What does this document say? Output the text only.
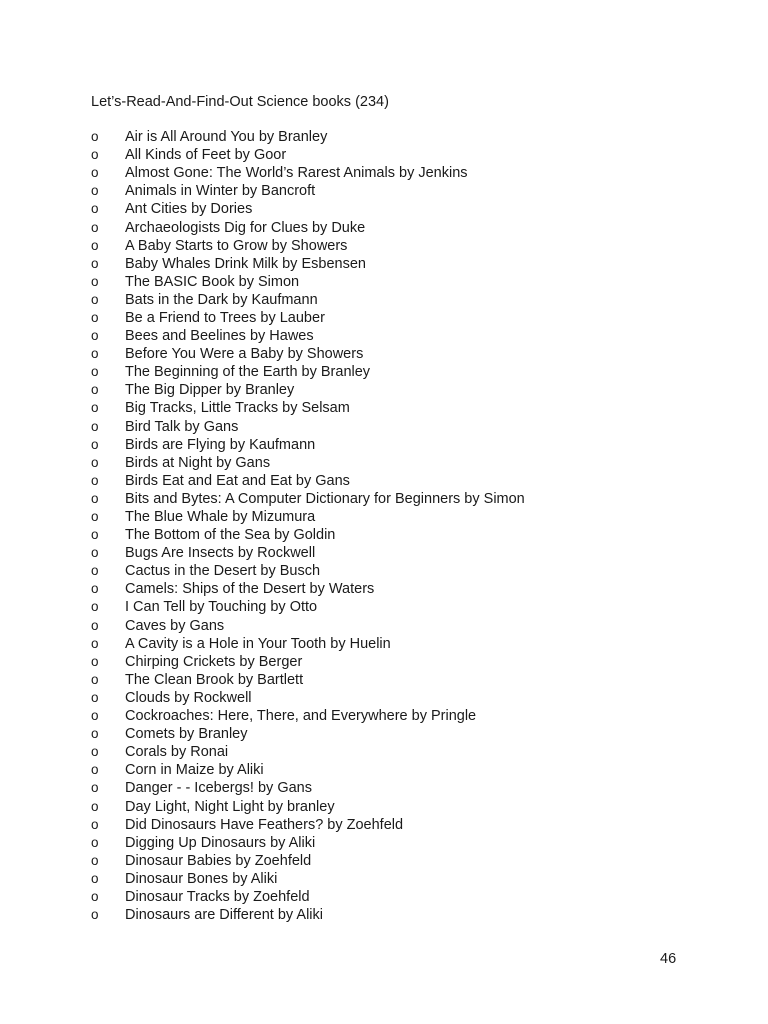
Let’s-Read-And-Find-Out Science books (234)
o	Air is All Around You by Branley
o	All Kinds of Feet by Goor
o	Almost Gone: The World’s Rarest Animals by Jenkins
o	Animals in Winter by Bancroft
o	Ant Cities by Dories
o	Archaeologists Dig for Clues by Duke
o	A Baby Starts to Grow by Showers
o	Baby Whales Drink Milk by Esbensen
o	The BASIC Book by Simon
o	Bats in the Dark by Kaufmann
o	Be a Friend to Trees by Lauber
o	Bees and Beelines by Hawes
o	Before You Were a Baby by Showers
o	The Beginning of the Earth by Branley
o	The Big Dipper by Branley
o	Big Tracks, Little Tracks by Selsam
o	Bird Talk by Gans
o	Birds are Flying by Kaufmann
o	Birds at Night by Gans
o	Birds Eat and Eat and Eat by Gans
o	Bits and Bytes: A Computer Dictionary for Beginners by Simon
o	The Blue Whale by Mizumura
o	The Bottom of the Sea by Goldin
o	Bugs Are Insects by Rockwell
o	Cactus in the Desert by Busch
o	Camels: Ships of the Desert by Waters
o	I Can Tell by Touching by Otto
o	Caves by Gans
o	A Cavity is a Hole in Your Tooth by Huelin
o	Chirping Crickets by Berger
o	The Clean Brook by Bartlett
o	Clouds by Rockwell
o	Cockroaches: Here, There, and Everywhere by Pringle
o	Comets by Branley
o	Corals by Ronai
o	Corn in Maize by Aliki
o	Danger - - Icebergs! by Gans
o	Day Light, Night Light by branley
o	Did Dinosaurs Have Feathers? by Zoehfeld
o	Digging Up Dinosaurs by Aliki
o	Dinosaur Babies by Zoehfeld
o	Dinosaur Bones by Aliki
o	Dinosaur Tracks by Zoehfeld
o	Dinosaurs are Different by Aliki
46
